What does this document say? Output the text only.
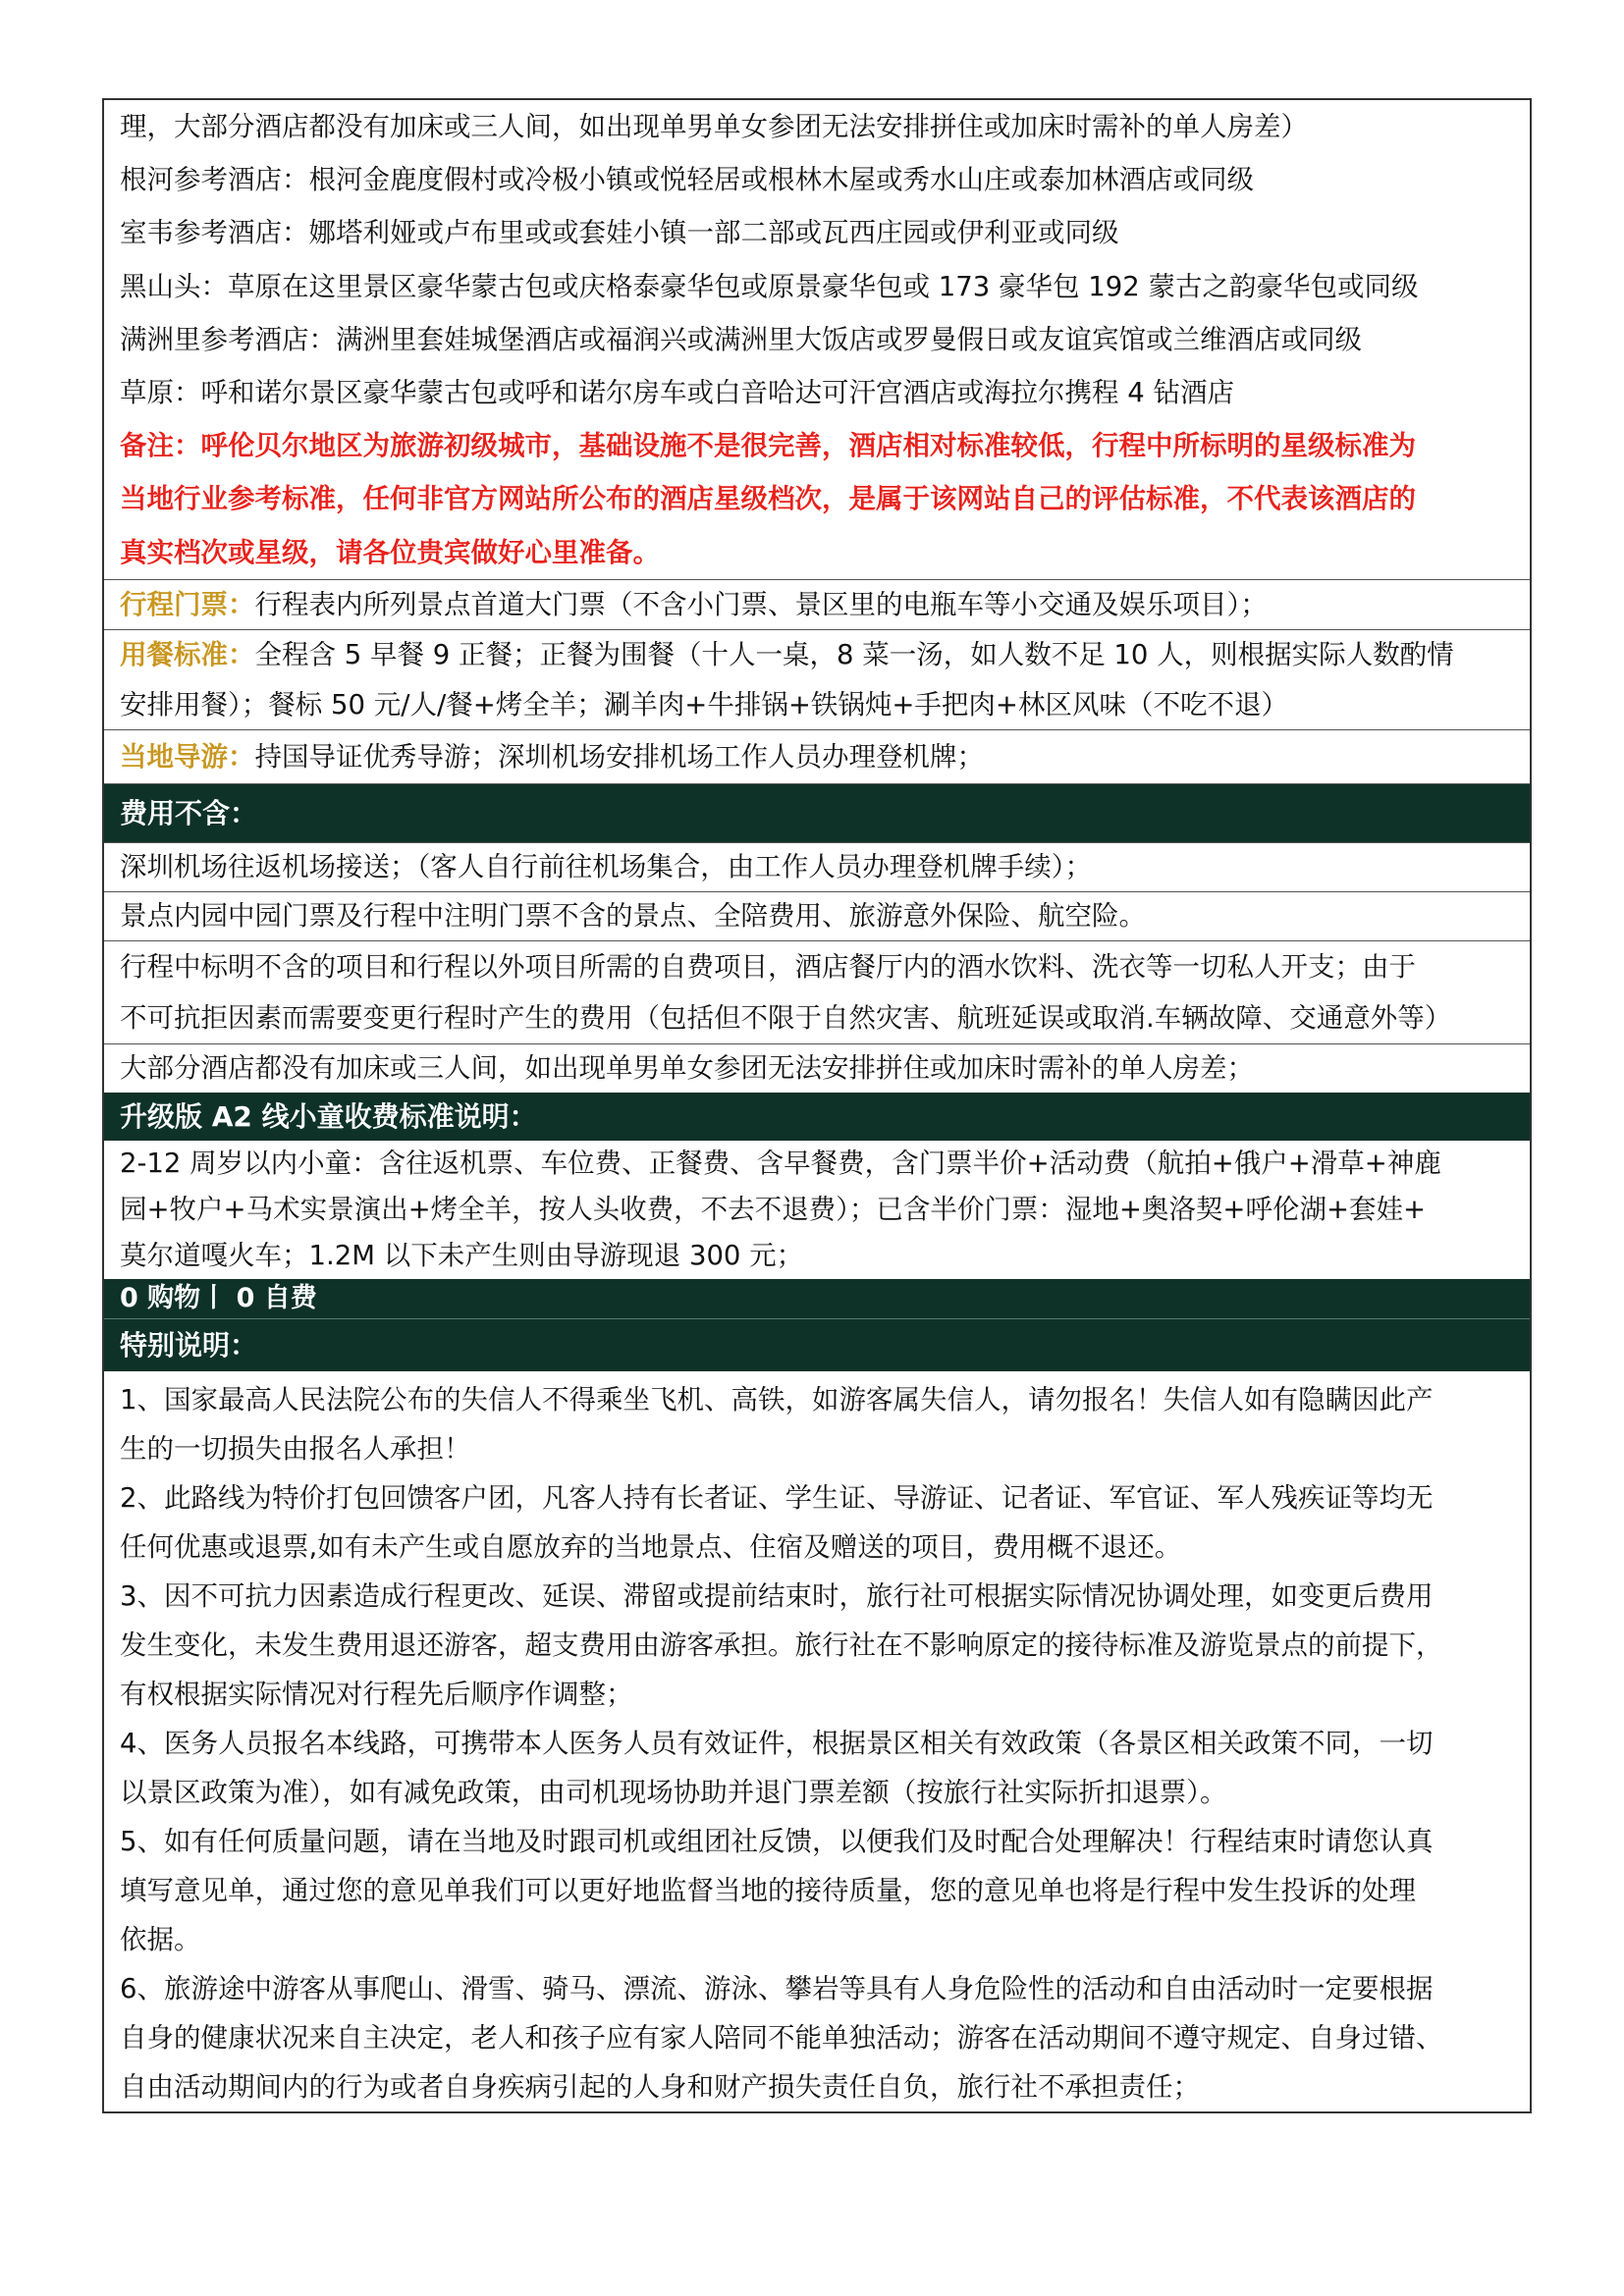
理，大部分酒店都没有加床或三人间，如出现单男单女参团无法安排拼住或加床时需补的单人房差）
根河参考酒店：根河金鹿度假村或冷极小镇或悦轻居或根林木屋或秀水山庄或泰加林酒店或同级
室韦参考酒店：娜塔利娅或卢布里或或套娃小镇一部二部或瓦西庄园或伊利亚或同级
黑山头：草原在这里景区豪华蒙古包或庆格泰豪华包或原景豪华包或 173 豪华包 192 蒙古之韵豪华包或同级
满洲里参考酒店：满洲里套娃城堡酒店或福润兴或满洲里大饭店或罗曼假日或友谊宾馆或兰维酒店或同级
草原：呼和诺尔景区豪华蒙古包或呼和诺尔房车或白音哈达可汗宫酒店或海拉尔携程 4 钻酒店
备注：呼伦贝尔地区为旅游初级城市，基础设施不是很完善，酒店相对标准较低，行程中所标明的星级标准为
当地行业参考标准，任何非官方网站所公布的酒店星级档次，是属于该网站自己的评估标准，不代表该酒店的
真实档次或星级，请各位贵宾做好心里准备。
行程门票：行程表内所列景点首道大门票（不含小门票、景区里的电瓶车等小交通及娱乐项目）；
用餐标准：全程含 5 早餐 9 正餐；正餐为围餐（十人一桌，8 菜一汤，如人数不足 10 人，则根据实际人数酌情
安排用餐）；餐标 50 元/人/餐+烤全羊；涮羊肉+牛排锅+铁锅炖+手把肉+林区风味（不吃不退）
当地导游：持国导证优秀导游；深圳机场安排机场工作人员办理登机牌；
费用不含：
深圳机场往返机场接送；（客人自行前往机场集合，由工作人员办理登机牌手续）；
景点内园中园门票及行程中注明门票不含的景点、全陪费用、旅游意外保险、航空险。
行程中标明不含的项目和行程以外项目所需的自费项目，酒店餐厅内的酒水饮料、洗衣等一切私人开支；由于
不可抗拒因素而需要变更行程时产生的费用（包括但不限于自然灾害、航班延误或取消.车辆故障、交通意外等）
大部分酒店都没有加床或三人间，如出现单男单女参团无法安排拼住或加床时需补的单人房差；
升级版 A2 线小童收费标准说明：
2-12 周岁以内小童：含往返机票、车位费、正餐费、含早餐费，含门票半价+活动费（航拍+俄户+滑草+神鹿
园+牧户+马术实景演出+烤全羊，按人头收费，不去不退费）；已含半价门票：湿地+奥洛契+呼伦湖+套娃+
莫尔道嘎火车；1.2M 以下未产生则由导游现退 300 元；
0 购物丨 0 自费
特别说明：
1、国家最高人民法院公布的失信人不得乘坐飞机、高铁，如游客属失信人，请勿报名！失信人如有隐瞒因此产
生的一切损失由报名人承担！
2、此路线为特价打包回馈客户团，凡客人持有长者证、学生证、导游证、记者证、军官证、军人残疾证等均无
任何优惠或退票,如有未产生或自愿放弃的当地景点、住宿及赠送的项目，费用概不退还。
3、因不可抗力因素造成行程更改、延误、滞留或提前结束时，旅行社可根据实际情况协调处理，如变更后费用
发生变化，未发生费用退还游客，超支费用由游客承担。旅行社在不影响原定的接待标准及游览景点的前提下，
有权根据实际情况对行程先后顺序作调整；
4、医务人员报名本线路，可携带本人医务人员有效证件，根据景区相关有效政策（各景区相关政策不同，一切
以景区政策为准），如有减免政策，由司机现场协助并退门票差额（按旅行社实际折扣退票）。
5、如有任何质量问题，请在当地及时跟司机或组团社反馈，以便我们及时配合处理解决！行程结束时请您认真
填写意见单，通过您的意见单我们可以更好地监督当地的接待质量，您的意见单也将是行程中发生投诉的处理
依据。
6、旅游途中游客从事爬山、滑雪、骑马、漂流、游泳、攀岩等具有人身危险性的活动和自由活动时一定要根据
自身的健康状况来自主决定，老人和孩子应有家人陪同不能单独活动；游客在活动期间不遵守规定、自身过错、
自由活动期间内的行为或者自身疾病引起的人身和财产损失责任自负，旅行社不承担责任；
